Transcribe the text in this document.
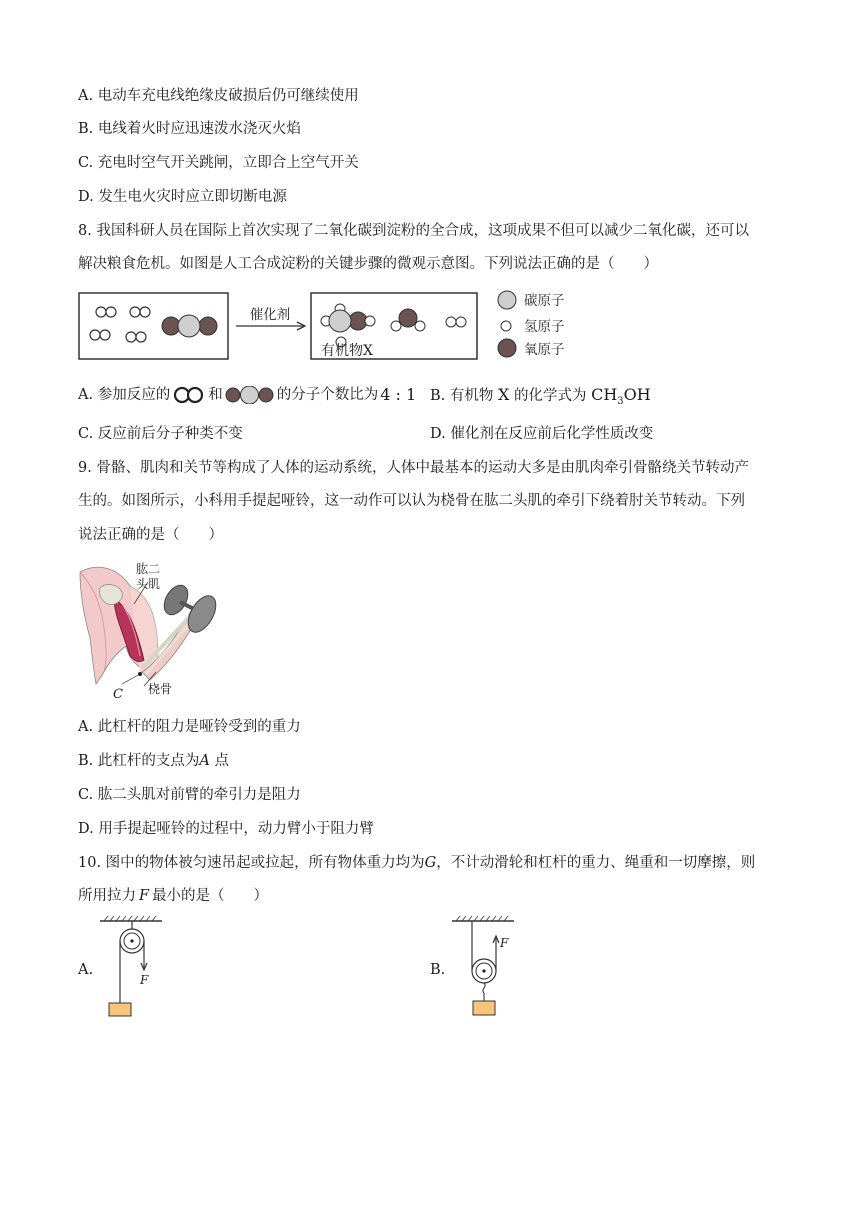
A. 电动车充电线绝缘皮破损后仍可继续使用
B. 电线着火时应迅速泼水浇灭火焰
C. 充电时空气开关跳闸，立即合上空气开关
D. 发生电火灾时应立即切断电源
8. 我国科研人员在国际上首次实现了二氧化碳到淀粉的全合成，这项成果不但可以减少二氧化碳，还可以
解决粮食危机。如图是人工合成淀粉的关键步骤的微观示意图。下列说法正确的是（　　）
催化剂
有机物X
碳原子
氢原子
氧原子
A. 参加反应的	和	的分子个数比为 4 : 1 B. 有机物 X 的化学式为 $CH_3OH$
C. 反应前后分子种类不变	D. 催化剂在反应前后化学性质改变
9. 骨骼、肌肉和关节等构成了人体的运动系统，人体中最基本的运动大多是由肌肉牵引骨骼绕关节转动产
生的。如图所示，小科用手提起哑铃，这一动作可以认为桡骨在肱二头肌的牵引下绕着肘关节转动。下列
说法正确的是（　　）
肱二
头肌
桡骨
C
A. 此杠杆的阻力是哑铃受到的重力
B. 此杠杆的支点为A 点
C. 肱二头肌对前臂的牵引力是阻力
D. 用手提起哑铃的过程中，动力臂小于阻力臂
10. 图中的物体被匀速吊起或拉起，所有物体重力均为G，不计动滑轮和杠杆的重力、绳重和一切摩擦，则
所用拉力 F 最小的是（　　）
A.
F
B.
F
